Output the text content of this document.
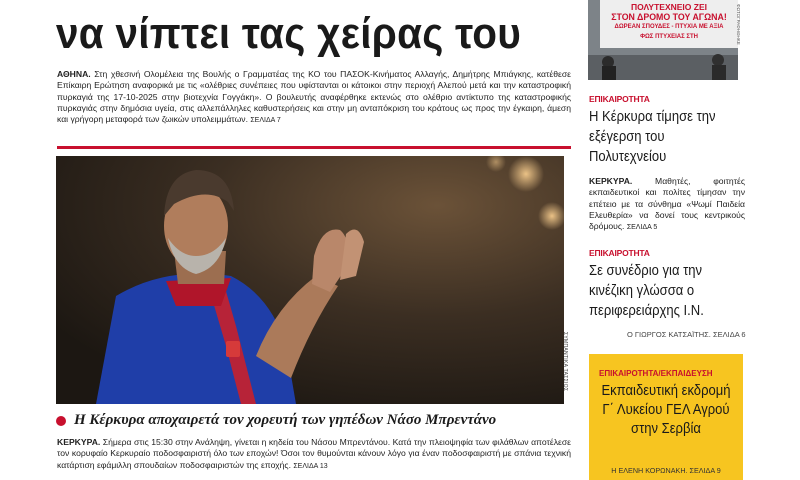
να νίπτει τας χείρας του
ΑΘΗΝΑ. Στη χθεσινή Ολομέλεια της Βουλής ο Γραμματέας της ΚΟ του ΠΑΣΟΚ-Κινήματος Αλλαγής, Δημήτρης Μπιάγκης, κατέθεσε Επίκαιρη Ερώτηση αναφορικά με τις «ολέθριες συνέπειες που υφίστανται οι κάτοικοι στην περιοχή Αλεπού μετά και την καταστροφική πυρκαγιά της 17-10-2025 στην βιοτεχνία Γογγάκη». Ο βουλευτής αναφέρθηκε εκτενώς στο ολέθριο αντίκτυπο της καταστροφικής πυρκαγιάς στην δημόσια υγεία, στις αλλεπάλληλες καθυστερήσεις και στην μη ανταπόκριση του κράτους ως προς την έγκαιρη, άμεση και γρήγορη μεταφορά των ζωικών υπολειμμάτων. ΣΕΛΙΔΑ 7
ΣΥΜΠΑΝΤΙΚΑ ΤΑΣΣΙΟΣ
Η Κέρκυρα αποχαιρετά τον χορευτή των γηπέδων Νάσο Μπρεντάνο
ΚΕΡΚΥΡΑ. Σήμερα στις 15:30 στην Ανάληψη, γίνεται η κηδεία του Νάσου Μπρεντάνου. Κατά την πλειοψηφία των φιλάθλων αποτέλεσε τον κορυφαίο Κερκυραίο ποδοσφαιριστή όλο των εποχών! Όσοι τον θυμούνται κάνουν λόγο για έναν ποδοσφαιριστή με σπάνια τεχνική κατάρτιση εφάμιλλη σπουδαίων ποδοσφαιριστών της εποχής. ΣΕΛΙΔΑ 13
ΠΟΛΥΤΕΧΝΕΙΟ ΖΕΙ
ΣΤΟΝ ΔΡΟΜΟ ΤΟΥ ΑΓΩΝΑ!
ΔΩΡΕΑΝ ΣΠΟΥΔΕΣ - ΠΤΥΧΙΑ ΜΕ ΑΞΙΑ
ΦΩΣ ΠΤΥΧΕΙΑΣ ΣΤΗ	ΦΩΤΟΓΡΑΦΗΘΗΚΕ
ΕΠΙΚΑΙΡΟΤΗΤΑ
Η Κέρκυρα τίμησε την εξέγερση του Πολυτεχνείου
ΚΕΡΚΥΡΑ.	Μαθητές, φοιτητές εκπαιδευτικοί και πολίτες τίμησαν την επέτειο με τα σύνθημα «Ψωμί Παιδεία Ελευθερία» να δονεί τους κεντρικούς δρόμους. ΣΕΛΙΔΑ 5
ΕΠΙΚΑΙΡΟΤΗΤΑ
Σε συνέδριο για την κινέζικη γλώσσα ο περιφερειάρχης Ι.Ν.
Ο ΓΙΩΡΓΟΣ ΚΑΤΣΑΪΤΗΣ. ΣΕΛΙΔΑ 6
ΕΠΙΚΑΙΡΟΤΗΤΑ/ΕΚΠΑΙΔΕΥΣΗ
Εκπαιδευτική εκδρομή Γ΄ Λυκείου ΓΕΛ Αγρού στην Σερβία
Η ΕΛΕΝΗ ΚΟΡΩΝΑΚΗ. ΣΕΛΙΔΑ 9
